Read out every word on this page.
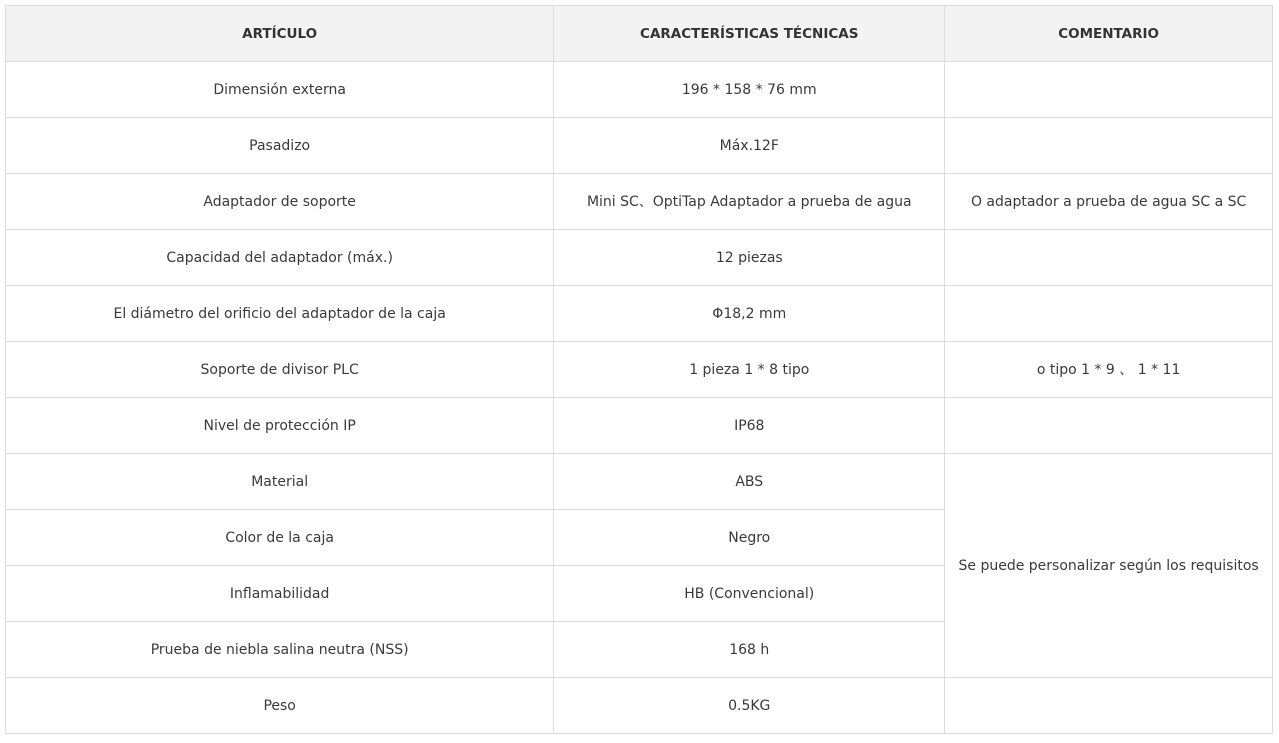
ARTÍCULO	CARACTERÍSTICAS TÉCNICAS	COMENTARIO
Dimensión externa	196 * 158 * 76 mm	
Pasadizo	Máx.12F	
Adaptador de soporte	Mini SC、OptiTap Adaptador a prueba de agua	O adaptador a prueba de agua SC a SC
Capacidad del adaptador (máx.)	12 piezas	
El diámetro del orificio del adaptador de la caja	Φ18,2 mm	
Soporte de divisor PLC	1 pieza 1 * 8 tipo	o tipo 1 * 9 、 1 * 11
Nivel de protección IP	IP68	
Material	ABS	Se puede personalizar según los requisitos
Color de la caja	Negro	
Inflamabilidad	HB (Convencional)	
Prueba de niebla salina neutra (NSS)	168 h	
Peso	0.5KG	
